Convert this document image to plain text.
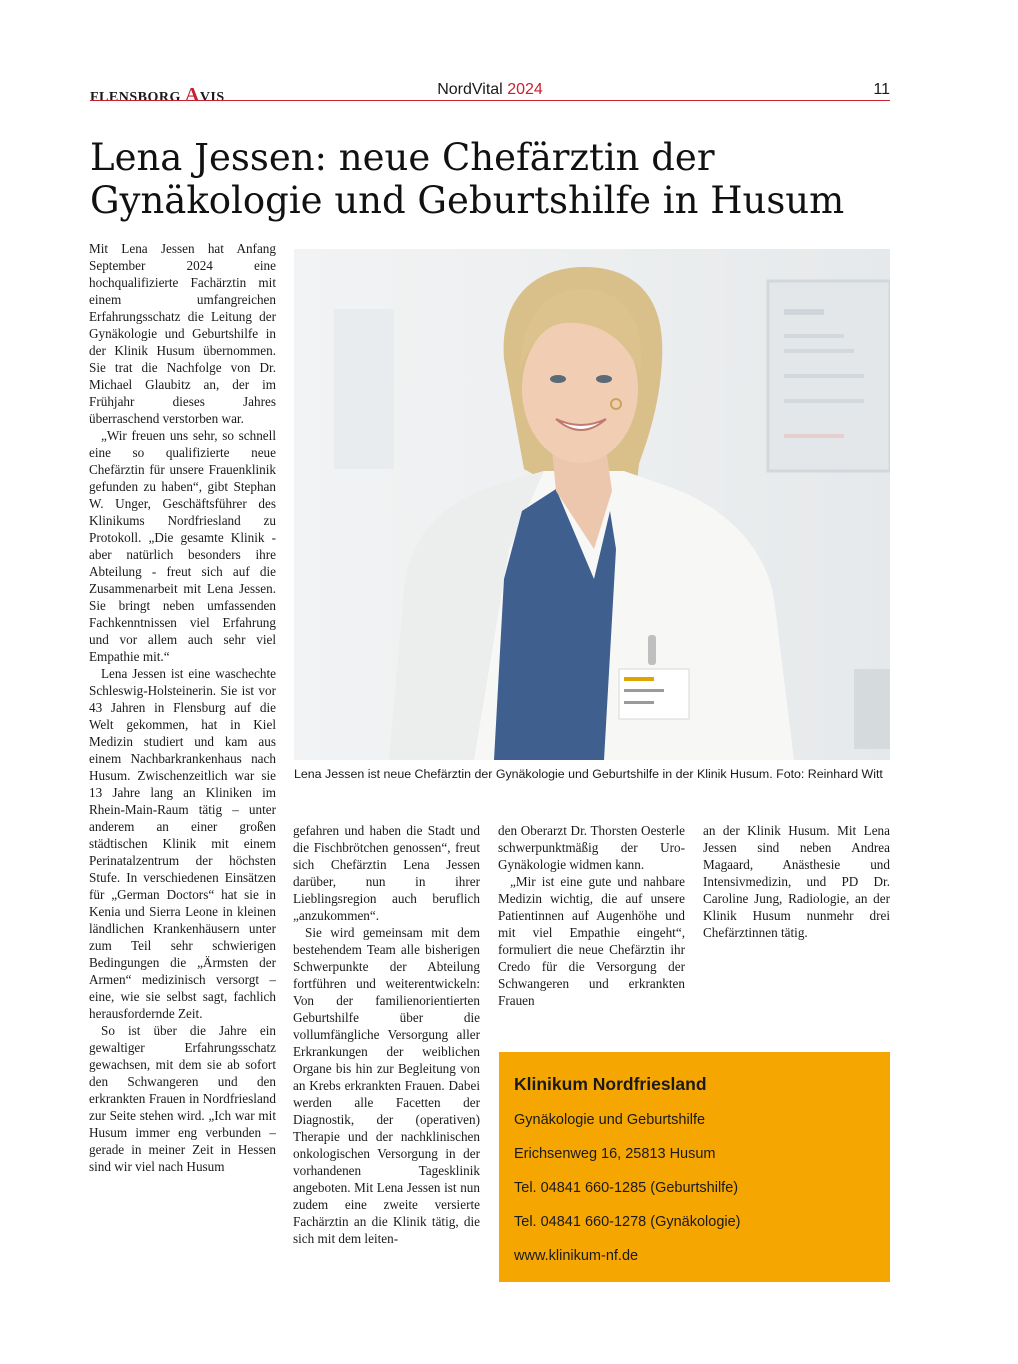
FLENSBORG AVIS	NordVital 2024	11
Lena Jessen: neue Chefärztin der Gynäkologie und Geburtshilfe in Husum

Mit Lena Jessen hat Anfang September 2024 eine hochqualifizierte Fachärztin mit einem umfangreichen Erfahrungsschatz die Leitung der Gynäkologie und Geburtshilfe in der Klinik Husum übernommen. Sie trat die Nachfolge von Dr. Michael Glaubitz an, der im Frühjahr dieses Jahres überraschend verstorben war.

„Wir freuen uns sehr, so schnell eine so qualifizierte neue Chefärztin für unsere Frauenklinik gefunden zu haben“, gibt Stephan W. Unger, Geschäftsführer des Klinikums Nordfriesland zu Protokoll. „Die gesamte Klinik - aber natürlich besonders ihre Abteilung - freut sich auf die Zusammenarbeit mit Lena Jessen. Sie bringt neben umfassenden Fachkenntnissen viel Erfahrung und vor allem auch sehr viel Empathie mit.“

Lena Jessen ist eine waschechte Schleswig-Holsteinerin. Sie ist vor 43 Jahren in Flensburg auf die Welt gekommen, hat in Kiel Medizin studiert und kam aus einem Nachbarkrankenhaus nach Husum. Zwischenzeitlich war sie 13 Jahre lang an Kliniken im Rhein-Main-Raum tätig – unter anderem an einer großen städtischen Klinik mit einem Perinatalzentrum der höchsten Stufe. In verschiedenen Einsätzen für „German Doctors“ hat sie in Kenia und Sierra Leone in kleinen ländlichen Krankenhäusern unter zum Teil sehr schwierigen Bedingungen die „Ärmsten der Armen“ medizinisch versorgt – eine, wie sie selbst sagt, fachlich herausfordernde Zeit.

So ist über die Jahre ein gewaltiger Erfahrungsschatz gewachsen, mit dem sie ab sofort den Schwangeren und den erkrankten Frauen in Nordfriesland zur Seite stehen wird. „Ich war mit Husum immer eng verbunden – gerade in meiner Zeit in Hessen sind wir viel nach Husum

Lena Jessen ist neue Chefärztin der Gynäkologie und Geburtshilfe in der Klinik Husum. Foto: Reinhard Witt

gefahren und haben die Stadt und die Fischbrötchen genossen“, freut sich Chefärztin Lena Jessen darüber, nun in ihrer Lieblingsregion auch beruflich „anzukommen“.

Sie wird gemeinsam mit dem bestehendem Team alle bisherigen Schwerpunkte der Abteilung fortführen und weiterentwickeln: Von der familienorientierten Geburtshilfe über die vollumfängliche Versorgung aller Erkrankungen der weiblichen Organe bis hin zur Begleitung von an Krebs erkrankten Frauen. Dabei werden alle Facetten der Diagnostik, der (operativen) Therapie und der nachklinischen onkologischen Versorgung in der vorhandenen Tagesklinik angeboten. Mit Lena Jessen ist nun zudem eine zweite versierte Fachärztin an die Klinik tätig, die sich mit dem leiten-

den Oberarzt Dr. Thorsten Oesterle schwerpunktmäßig der Uro-Gynäkologie widmen kann.

„Mir ist eine gute und nahbare Medizin wichtig, die auf unsere Patientinnen auf Augenhöhe und mit viel Empathie eingeht“, formuliert die neue Chefärztin ihr Credo für die Versorgung der Schwangeren und erkrankten Frauen

an der Klinik Husum. Mit Lena Jessen sind neben Andrea Magaard, Anästhesie und Intensivmedizin, und PD Dr. Caroline Jung, Radiologie, an der Klinik Husum nunmehr drei Chefärztinnen tätig.

Klinikum Nordfriesland
Gynäkologie und Geburtshilfe
Erichsenweg 16, 25813 Husum
Tel. 04841 660-1285 (Geburtshilfe)
Tel. 04841 660-1278 (Gynäkologie)
www.klinikum-nf.de
